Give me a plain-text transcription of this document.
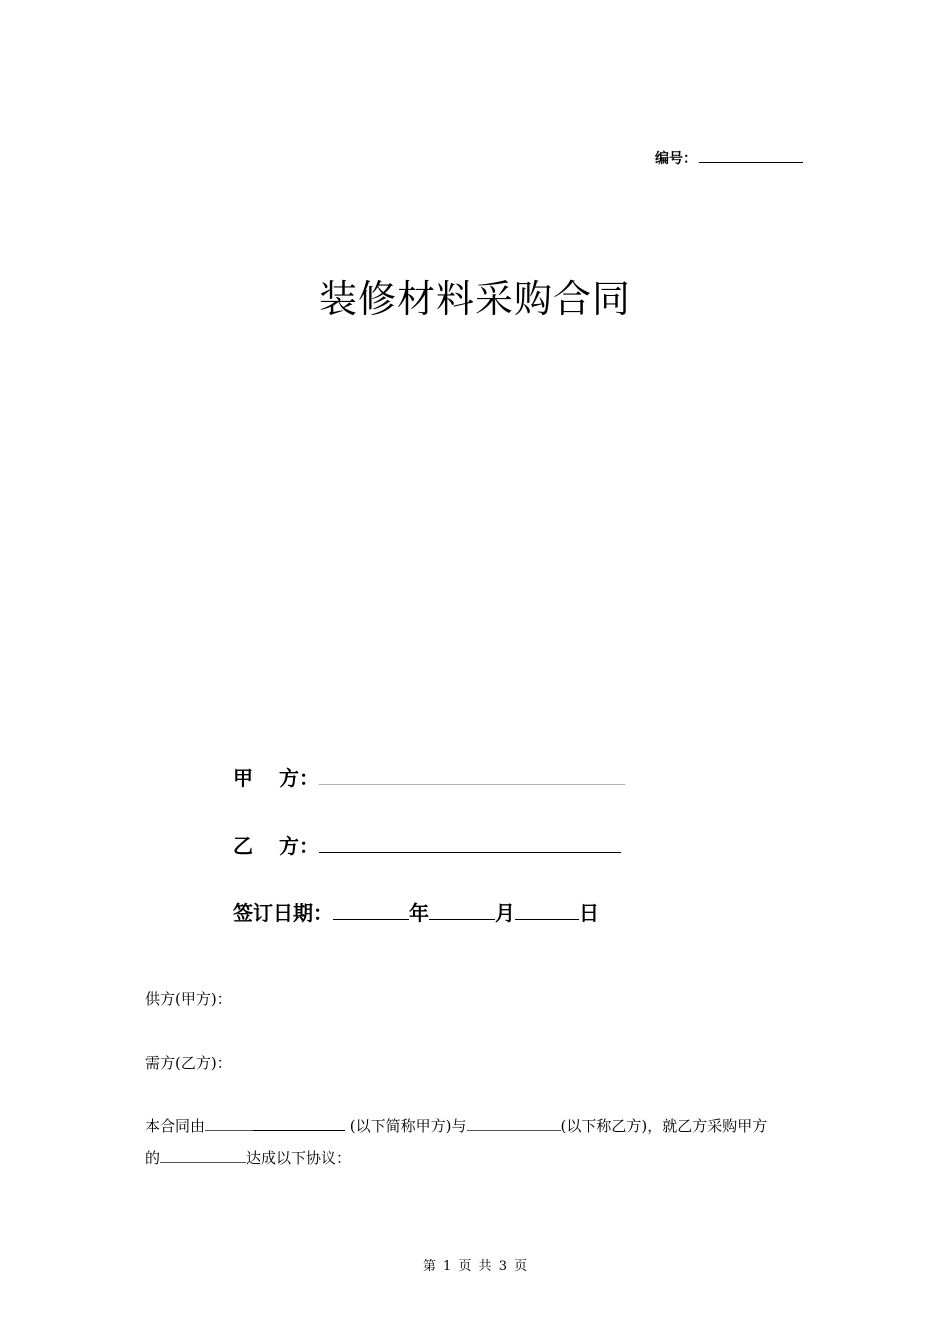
编号：
装修材料采购合同
甲 方：
乙 方：
签订日期：	年	月	日
供方(甲方)：
需方(乙方)：
本合同由	(以下简称甲方)与	(以下称乙方)，就乙方采购甲方
的	达成以下协议：
第 1 页 共 3 页
